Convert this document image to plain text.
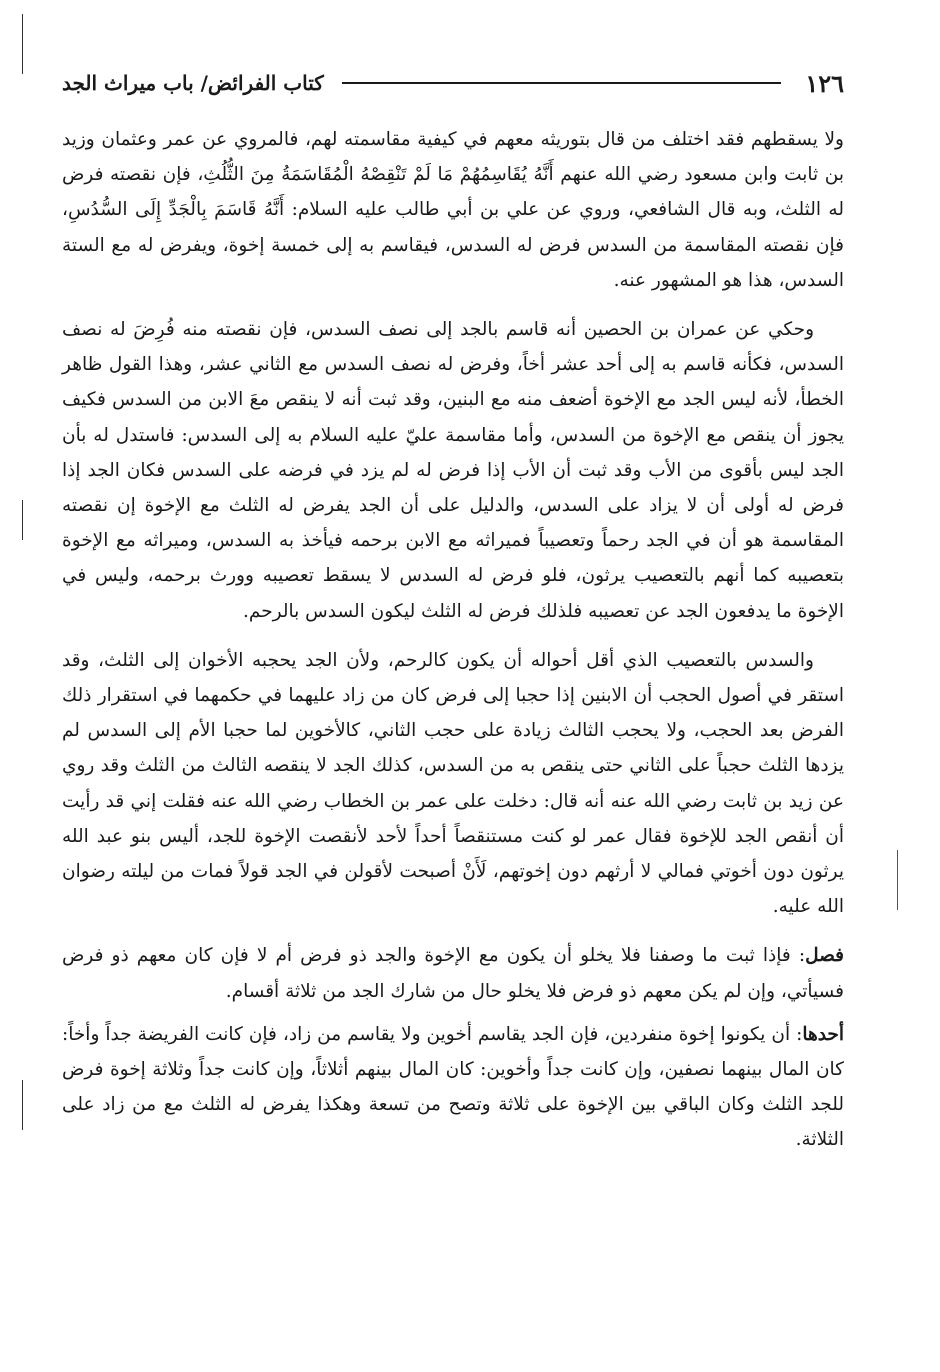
١٢٦
كتاب الفرائض/ باب ميراث الجد

ولا يسقطهم فقد اختلف من قال بتوريثه معهم في كيفية مقاسمته لهم، فالمروي عن عمر وعثمان وزيد بن ثابت وابن مسعود رضي الله عنهم أَنَّهُ يُقَاسِمُهُمْ مَا لَمْ تَنْقِصْهُ الْمُقَاسَمَةُ مِنَ الثُّلُثِ، فإن نقصته فرض له الثلث، وبه قال الشافعي، وروي عن علي بن أبي طالب عليه السلام: أَنَّهُ قَاسَمَ بِالْجَدِّ إِلَى السُّدُسِ، فإن نقصته المقاسمة من السدس فرض له السدس، فيقاسم به إلى خمسة إخوة، ويفرض له مع الستة السدس، هذا هو المشهور عنه.

وحكي عن عمران بن الحصين أنه قاسم بالجد إلى نصف السدس، فإن نقصته منه فُرِضَ له نصف السدس، فكأنه قاسم به إلى أحد عشر أخاً، وفرض له نصف السدس مع الثاني عشر، وهذا القول ظاهر الخطأ، لأنه ليس الجد مع الإخوة أضعف منه مع البنين، وقد ثبت أنه لا ينقص معَ الابن من السدس فكيف يجوز أن ينقص مع الإخوة من السدس، وأما مقاسمة عليّ عليه السلام به إلى السدس: فاستدل له بأن الجد ليس بأقوى من الأب وقد ثبت أن الأب إذا فرض له لم يزد في فرضه على السدس فكان الجد إذا فرض له أولى أن لا يزاد على السدس، والدليل على أن الجد يفرض له الثلث مع الإخوة إن نقصته المقاسمة هو أن في الجد رحماً وتعصيباً فميراثه مع الابن برحمه فيأخذ به السدس، وميراثه مع الإخوة بتعصيبه كما أنهم بالتعصيب يرثون، فلو فرض له السدس لا يسقط تعصيبه وورث برحمه، وليس في الإخوة ما يدفعون الجد عن تعصيبه فلذلك فرض له الثلث ليكون السدس بالرحم.

والسدس بالتعصيب الذي أقل أحواله أن يكون كالرحم، ولأن الجد يحجبه الأخوان إلى الثلث، وقد استقر في أصول الحجب أن الابنين إذا حجبا إلى فرض كان من زاد عليهما في حكمهما في استقرار ذلك الفرض بعد الحجب، ولا يحجب الثالث زيادة على حجب الثاني، كالأخوين لما حجبا الأم إلى السدس لم يزدها الثلث حجباً على الثاني حتى ينقص به من السدس، كذلك الجد لا ينقصه الثالث من الثلث وقد روي عن زيد بن ثابت رضي الله عنه أنه قال: دخلت على عمر بن الخطاب رضي الله عنه فقلت إني قد رأيت أن أنقص الجد للإخوة فقال عمر لو كنت مستنقصاً أحداً لأحد لأنقصت الإخوة للجد، أليس بنو عبد الله يرثون دون أخوتي فمالي لا أرثهم دون إخوتهم، لَأَنْ أصبحت لأقولن في الجد قولاً فمات من ليلته رضوان الله عليه.

فصل: فإذا ثبت ما وصفنا فلا يخلو أن يكون مع الإخوة والجد ذو فرض أم لا فإن كان معهم ذو فرض فسيأتي، وإن لم يكن معهم ذو فرض فلا يخلو حال من شارك الجد من ثلاثة أقسام.

أحدها: أن يكونوا إخوة منفردين، فإن الجد يقاسم أخوين ولا يقاسم من زاد، فإن كانت الفريضة جداً وأخاً: كان المال بينهما نصفين، وإن كانت جداً وأخوين: كان المال بينهم أثلاثاً، وإن كانت جداً وثلاثة إخوة فرض للجد الثلث وكان الباقي بين الإخوة على ثلاثة وتصح من تسعة وهكذا يفرض له الثلث مع من زاد على الثلاثة.
